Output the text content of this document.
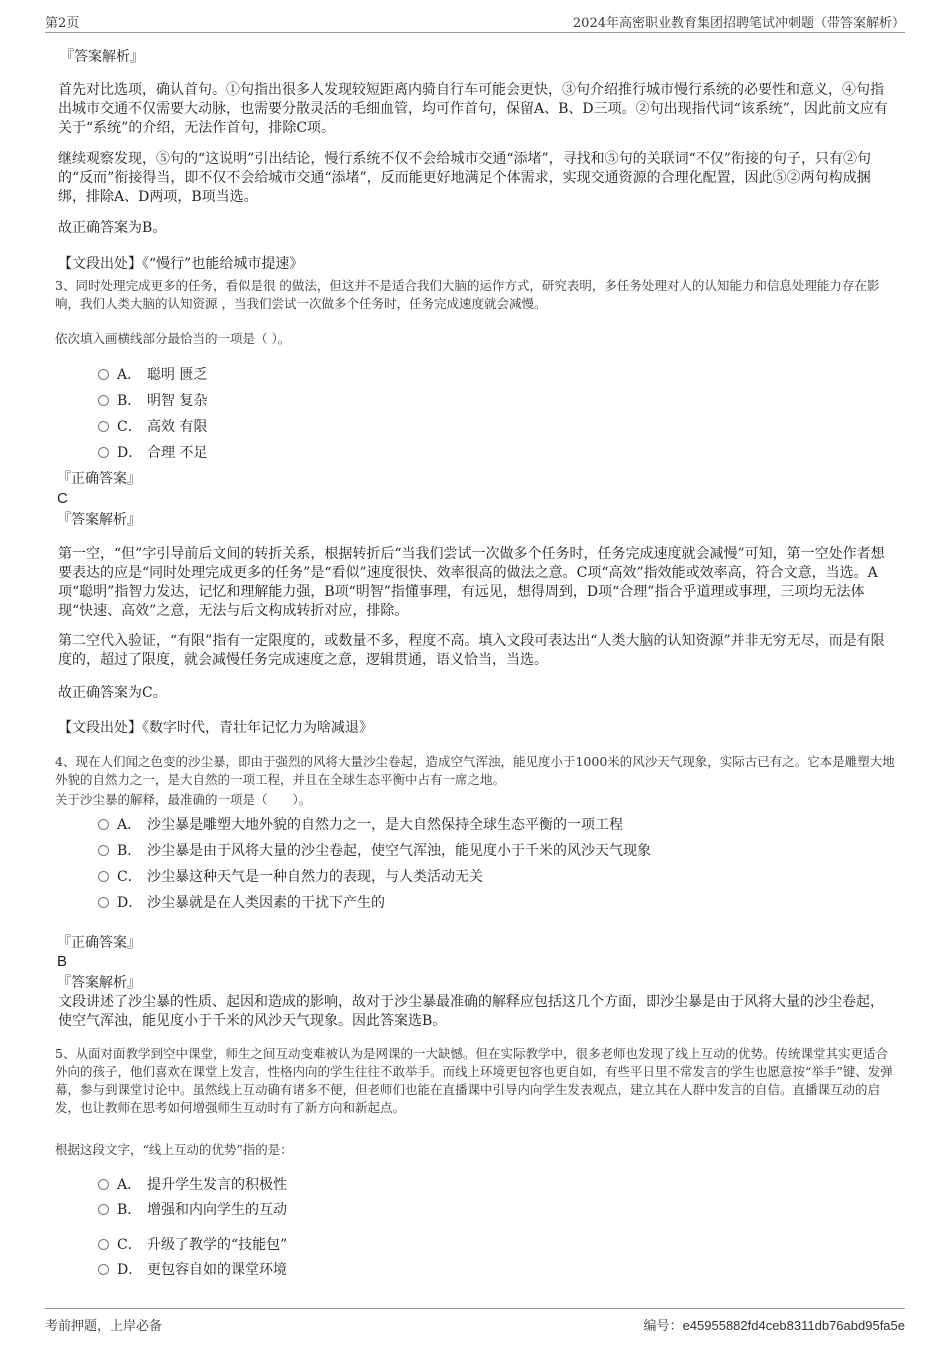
第2页	2024年高密职业教育集团招聘笔试冲刺题（带答案解析）

『答案解析』

首先对比选项，确认首句。①句指出很多人发现较短距离内骑自行车可能会更快，③句介绍推行城市慢行系统的必要性和意义，④句指出城市交通不仅需要大动脉，也需要分散灵活的毛细血管，均可作首句，保留A、B、D三项。②句出现指代词“该系统”，因此前文应有关于“系统”的介绍，无法作首句，排除C项。

继续观察发现，⑤句的“这说明”引出结论，慢行系统不仅不会给城市交通“添堵”，寻找和⑤句的关联词“不仅”衔接的句子，只有②句的“反而”衔接得当，即不仅不会给城市交通“添堵”，反而能更好地满足个体需求，实现交通资源的合理化配置，因此⑤②两句构成捆绑，排除A、D两项，B项当选。

故正确答案为B。

【文段出处】《“慢行”也能给城市提速》

3、同时处理完成更多的任务，看似是很 的做法，但这并不是适合我们大脑的运作方式，研究表明，多任务处理对人的认知能力和信息处理能力存在影响，我们人类大脑的认知资源 ，当我们尝试一次做多个任务时，任务完成速度就会减慢。

依次填入画横线部分最恰当的一项是（ ）。

A． 聪明 匮乏
B． 明智 复杂
C． 高效 有限
D． 合理 不足

『正确答案』

C

『答案解析』

第一空，“但”字引导前后文间的转折关系，根据转折后“当我们尝试一次做多个任务时，任务完成速度就会减慢”可知，第一空处作者想要表达的应是“同时处理完成更多的任务”是“看似”速度很快、效率很高的做法之意。C项“高效”指效能或效率高，符合文意，当选。A项“聪明”指智力发达，记忆和理解能力强，B项“明智”指懂事理，有远见，想得周到，D项“合理”指合乎道理或事理，三项均无法体现“快速、高效”之意，无法与后文构成转折对应，排除。

第二空代入验证，“有限”指有一定限度的，或数量不多，程度不高。填入文段可表达出“人类大脑的认知资源”并非无穷无尽，而是有限度的，超过了限度，就会减慢任务完成速度之意，逻辑贯通，语义恰当，当选。

故正确答案为C。

【文段出处】《数字时代，青壮年记忆力为啥减退》

4、现在人们闻之色变的沙尘暴，即由于强烈的风将大量沙尘卷起，造成空气浑浊，能见度小于1000米的风沙天气现象，实际古已有之。它本是雕塑大地外貌的自然力之一，是大自然的一项工程，并且在全球生态平衡中占有一席之地。

关于沙尘暴的解释，最准确的一项是（　　）。

A． 沙尘暴是雕塑大地外貌的自然力之一，是大自然保持全球生态平衡的一项工程
B． 沙尘暴是由于风将大量的沙尘卷起，使空气浑浊，能见度小于千米的风沙天气现象
C． 沙尘暴这种天气是一种自然力的表现，与人类活动无关
D． 沙尘暴就是在人类因素的干扰下产生的

『正确答案』

B

『答案解析』

文段讲述了沙尘暴的性质、起因和造成的影响，故对于沙尘暴最准确的解释应包括这几个方面，即沙尘暴是由于风将大量的沙尘卷起，使空气浑浊，能见度小于千米的风沙天气现象。因此答案选B。

5、从面对面教学到空中课堂，师生之间互动变难被认为是网课的一大缺憾。但在实际教学中，很多老师也发现了线上互动的优势。传统课堂其实更适合外向的孩子，他们喜欢在课堂上发言，性格内向的学生往往不敢举手。而线上环境更包容也更自如，有些平日里不常发言的学生也愿意按“举手”键、发弹幕，参与到课堂讨论中。虽然线上互动确有诸多不便，但老师们也能在直播课中引导内向学生发表观点，建立其在人群中发言的自信。直播课互动的启发，也让教师在思考如何增强师生互动时有了新方向和新起点。

根据这段文字，“线上互动的优势”指的是：

A． 提升学生发言的积极性
B． 增强和内向学生的互动
C． 升级了教学的“技能包”
D． 更包容自如的课堂环境
考前押题，上岸必备	编号：e45955882fd4ceb8311db76abd95fa5e
